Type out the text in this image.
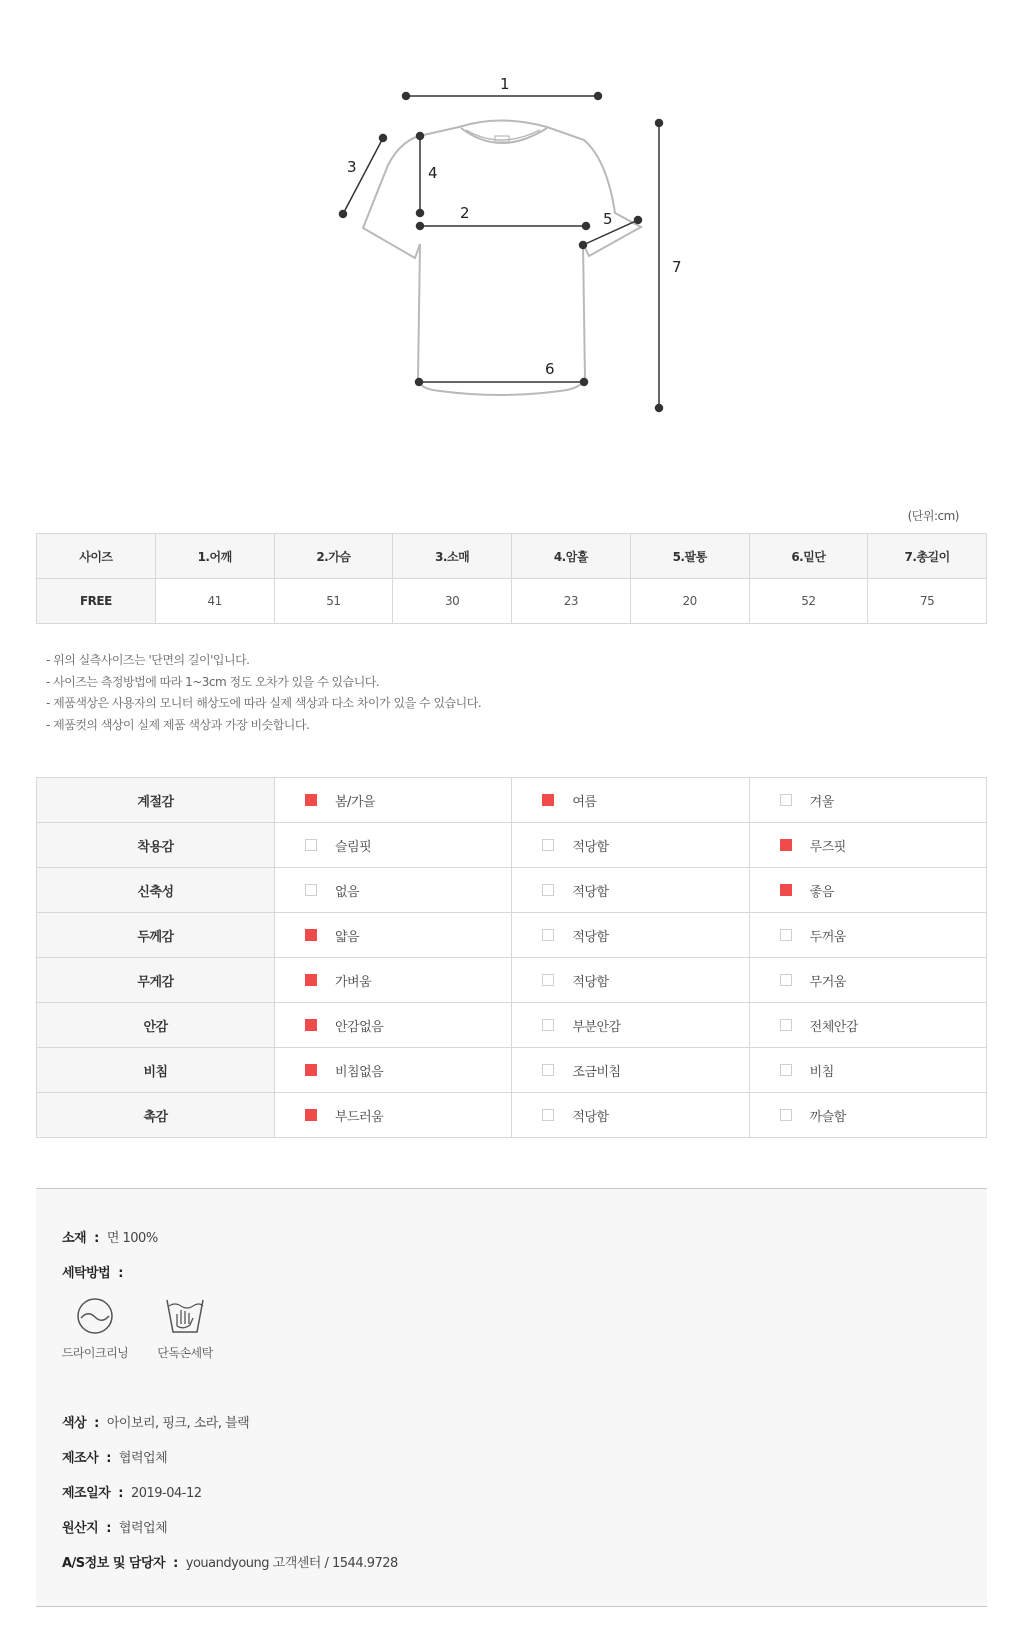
1
2
3	4
5
6
7
(단위:cm)
사이즈	1.어깨	2.가슴	3.소매	4.암홀	5.팔통	6.밑단	7.총길이
FREE	41	51	30	23	20	52	75
- 위의 실측사이즈는 '단면의 길이'입니다.
- 사이즈는 측정방법에 따라 1~3cm 정도 오차가 있을 수 있습니다.
- 제품색상은 사용자의 모니터 해상도에 따라 실제 색상과 다소 차이가 있을 수 있습니다.
- 제품컷의 색상이 실제 제품 색상과 가장 비슷합니다.
계절감	봄/가을	여름	겨울
착용감	슬림핏	적당함	루즈핏
신축성	없음	적당함	좋음
두께감	얇음	적당함	두꺼움
무게감	가벼움	적당함	무거움
안감	안감없음	부분안감	전체안감
비침	비침없음	조금비침	비침
촉감	부드러움	적당함	까슬함
소재 : 면 100%
세탁방법 :
드라이크리닝	단독손세탁
색상 : 아이보리, 핑크, 소라, 블랙
제조사 : 협력업체
제조일자 : 2019-04-12
원산지 : 협력업체
A/S정보 및 담당자 : youandyoung 고객센터 / 1544.9728
